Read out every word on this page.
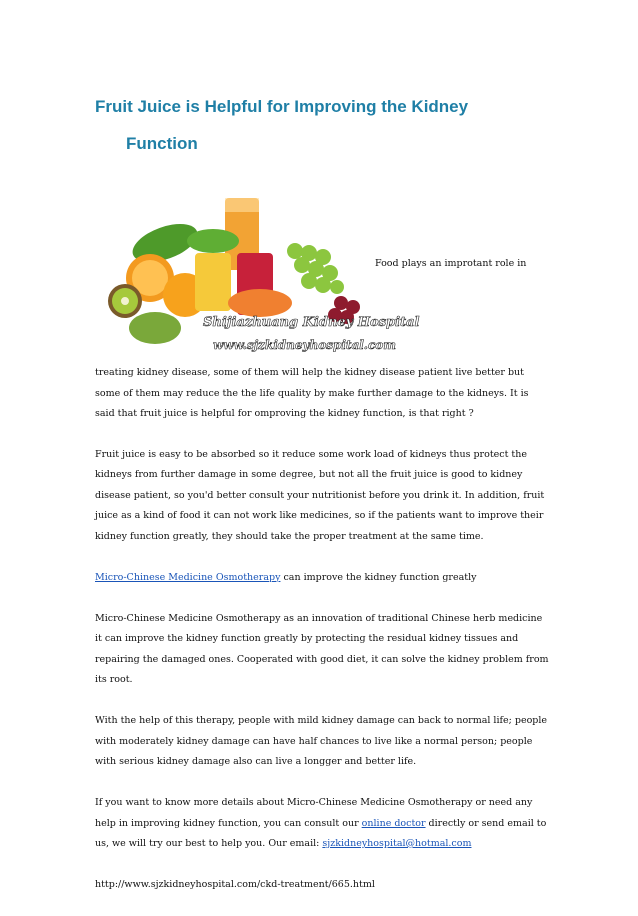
Fruit Juice is Helpful for Improving the Kidney
Function
Shijiazhuang Kidney Hospital
www.sjzkidneyhospital.com
Food plays an improtant role in

treating kidney disease, some of them will help the kidney disease patient live better but some of them may reduce the the life quality by make further damage to the kidneys. It is said that fruit juice is helpful for omproving the kidney function, is that right ?

Fruit juice is easy to be absorbed so it reduce some work load of kidneys thus protect the kidneys from further damage in some degree, but not all the fruit juice is good to kidney disease patient, so you'd better consult your nutritionist before you drink it. In addition, fruit juice as a kind of food it can not work like medicines, so if the patients want to improve their kidney function greatly, they should take the proper treatment at the same time.

Micro-Chinese Medicine Osmotherapy can improve the kidney function greatly

Micro-Chinese Medicine Osmotherapy as an innovation of traditional Chinese herb medicine it can improve the kidney function greatly by protecting the residual kidney tissues and repairing the damaged ones. Cooperated with good diet, it can solve the kidney problem from its root.

With the help of this therapy, people with mild kidney damage can back to normal life; people with moderately kidney damage can have half chances to live like a normal person; people with serious kidney damage also can live a longger and better life.

If you want to know more details about Micro-Chinese Medicine Osmotherapy or need any help in improving kidney function, you can consult our online doctor directly or send email to us, we will try our best to help you. Our email: sjzkidneyhospital@hotmal.com

http://www.sjzkidneyhospital.com/ckd-treatment/665.html
